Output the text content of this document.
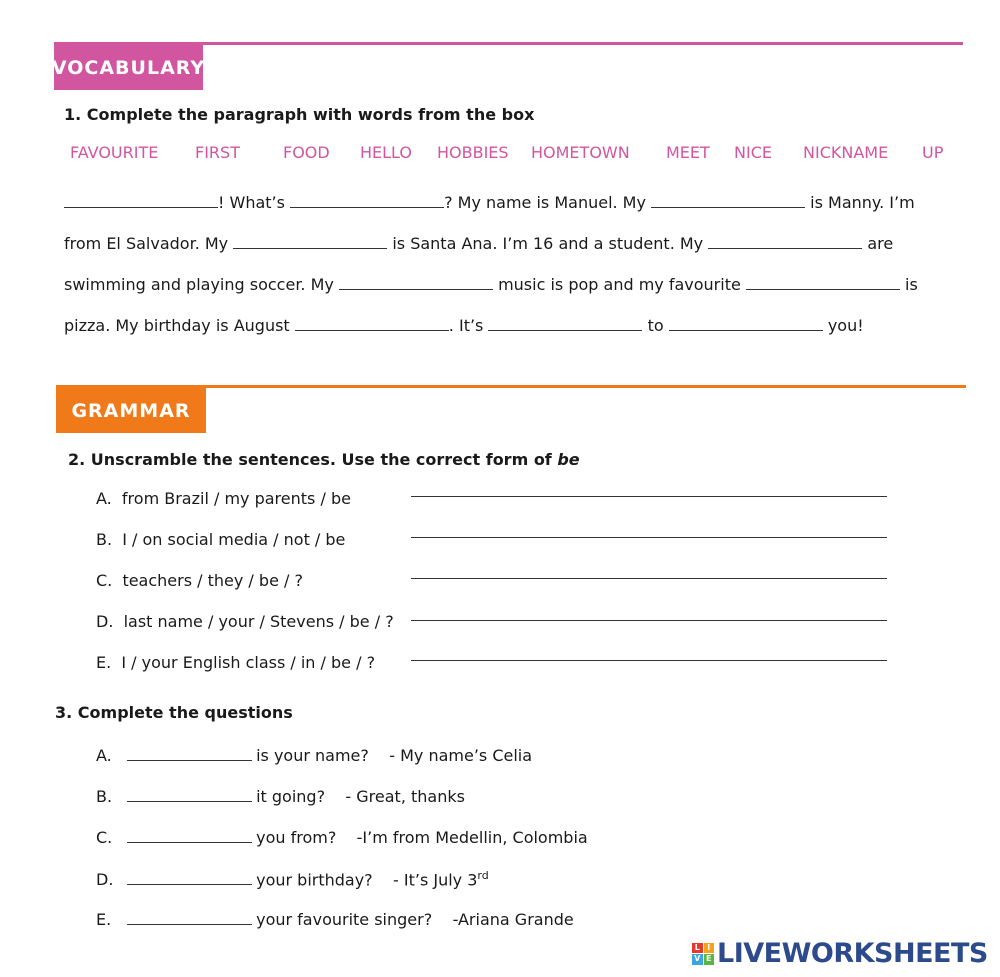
VOCABULARY
1. Complete the paragraph with words from the box
FAVOURITE FIRST	FOOD HELLO HOBBIES HOMETOWN MEET NICE NICKNAME UP
! What’s	? My name is Manuel. My	is Manny. I’m
from El Salvador. My	is Santa Ana. I’m 16 and a student. My	are
swimming and playing soccer. My	music is pop and my favourite	is
pizza. My birthday is August	. It’s	to	you!
GRAMMAR
2. Unscramble the sentences. Use the correct form of be
A. from Brazil / my parents / be
B. I / on social media / not / be
C. teachers / they / be / ?
D. last name / your / Stevens / be / ?
E. I / your English class / in / be / ?
3. Complete the questions
A.	is your name? - My name’s Celia
B.	it going? - Great, thanks
C.	you from? -I’m from Medellin, Colombia
D.	your birthday? - It’s July 3rd
E.	your favourite singer? -Ariana Grande
L I
V E LIVEWORKSHEETS
